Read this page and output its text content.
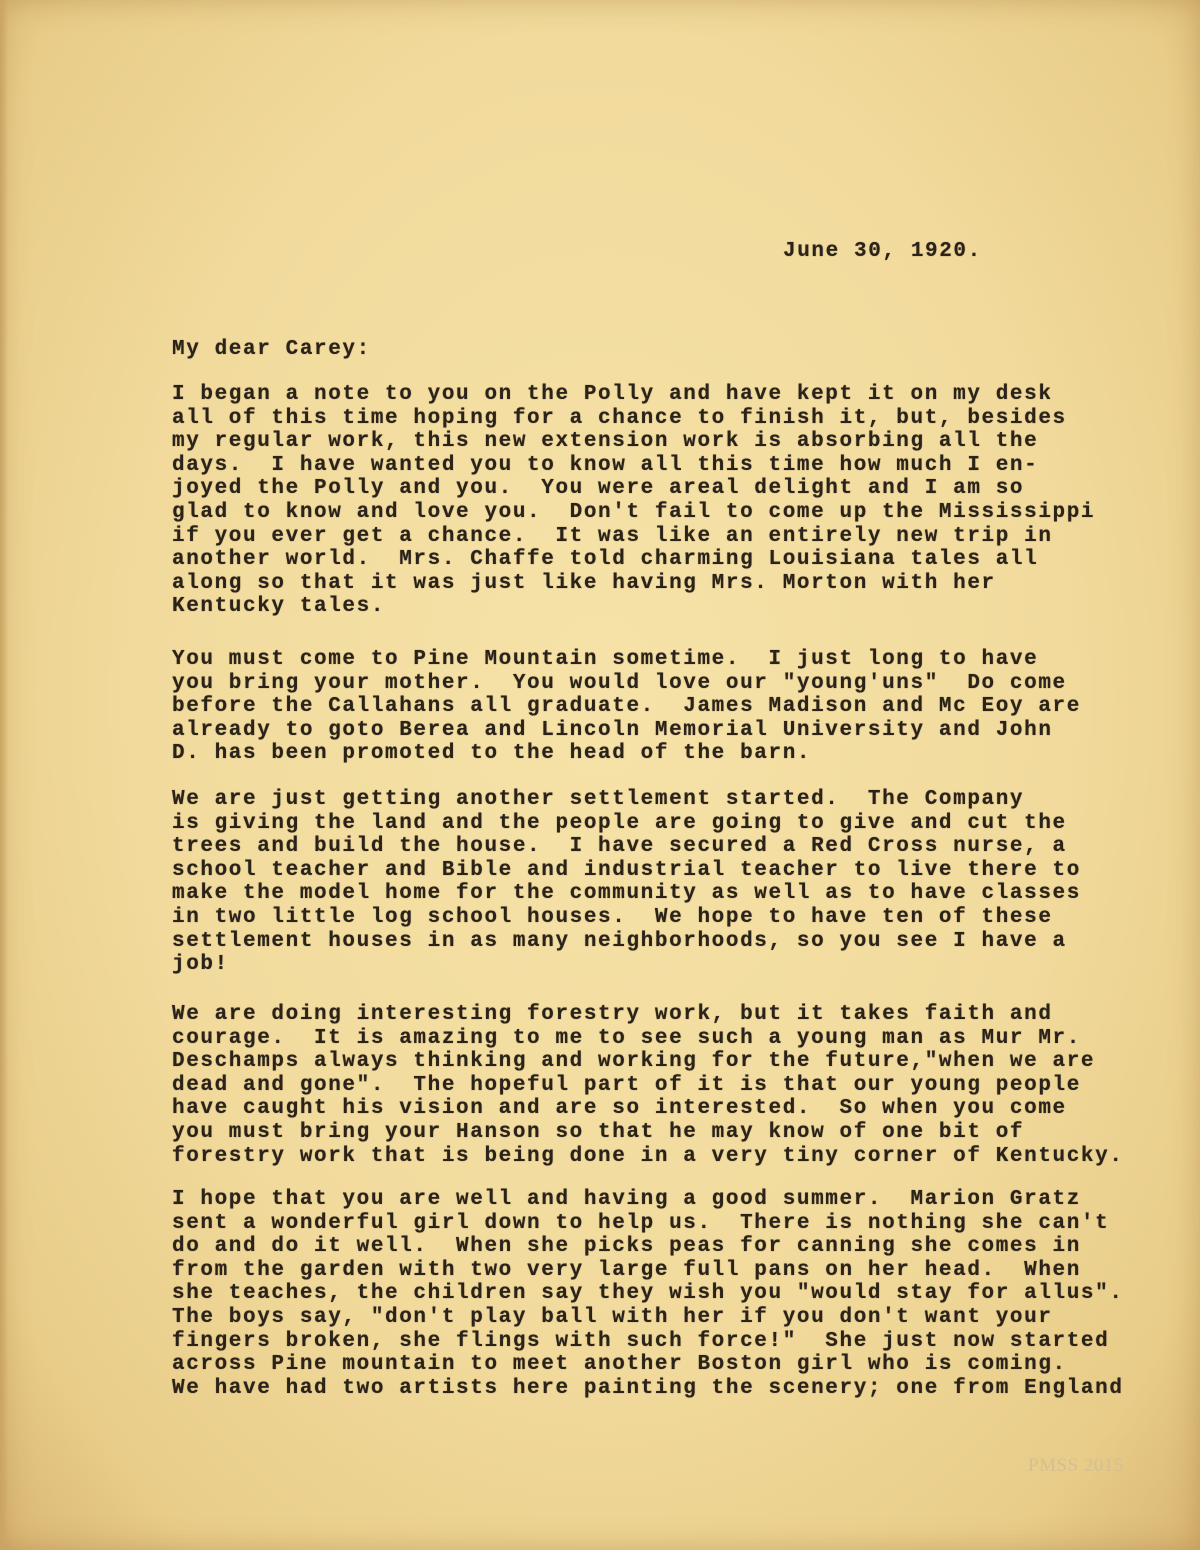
June 30, 1920.
My dear Carey:
I began a note to you on the Polly and have kept it on my desk
all of this time hoping for a chance to finish it, but, besides
my regular work, this new extension work is absorbing all the
days.  I have wanted you to know all this time how much I en-
joyed the Polly and you.  You were areal delight and I am so
glad to know and love you.  Don't fail to come up the Mississippi
if you ever get a chance.  It was like an entirely new trip in
another world.  Mrs. Chaffe told charming Louisiana tales all
along so that it was just like having Mrs. Morton with her
Kentucky tales.
You must come to Pine Mountain sometime.  I just long to have
you bring your mother.  You would love our "young'uns"  Do come
before the Callahans all graduate.  James Madison and Mc Eoy are
already to goto Berea and Lincoln Memorial University and John
D. has been promoted to the head of the barn.
We are just getting another settlement started.  The Company
is giving the land and the people are going to give and cut the
trees and build the house.  I have secured a Red Cross nurse, a
school teacher and Bible and industrial teacher to live there to
make the model home for the community as well as to have classes
in two little log school houses.  We hope to have ten of these
settlement houses in as many neighborhoods, so you see I have a
job!
We are doing interesting forestry work, but it takes faith and
courage.  It is amazing to me to see such a young man as Mur Mr.
Deschamps always thinking and working for the future,"when we are
dead and gone".  The hopeful part of it is that our young people
have caught his vision and are so interested.  So when you come
you must bring your Hanson so that he may know of one bit of
forestry work that is being done in a very tiny corner of Kentucky.
I hope that you are well and having a good summer.  Marion Gratz
sent a wonderful girl down to help us.  There is nothing she can't
do and do it well.  When she picks peas for canning she comes in
from the garden with two very large full pans on her head.  When
she teaches, the children say they wish you "would stay for allus".
The boys say, "don't play ball with her if you don't want your
fingers broken, she flings with such force!"  She just now started
across Pine mountain to meet another Boston girl who is coming.
We have had two artists here painting the scenery; one from England
PMSS 2015
